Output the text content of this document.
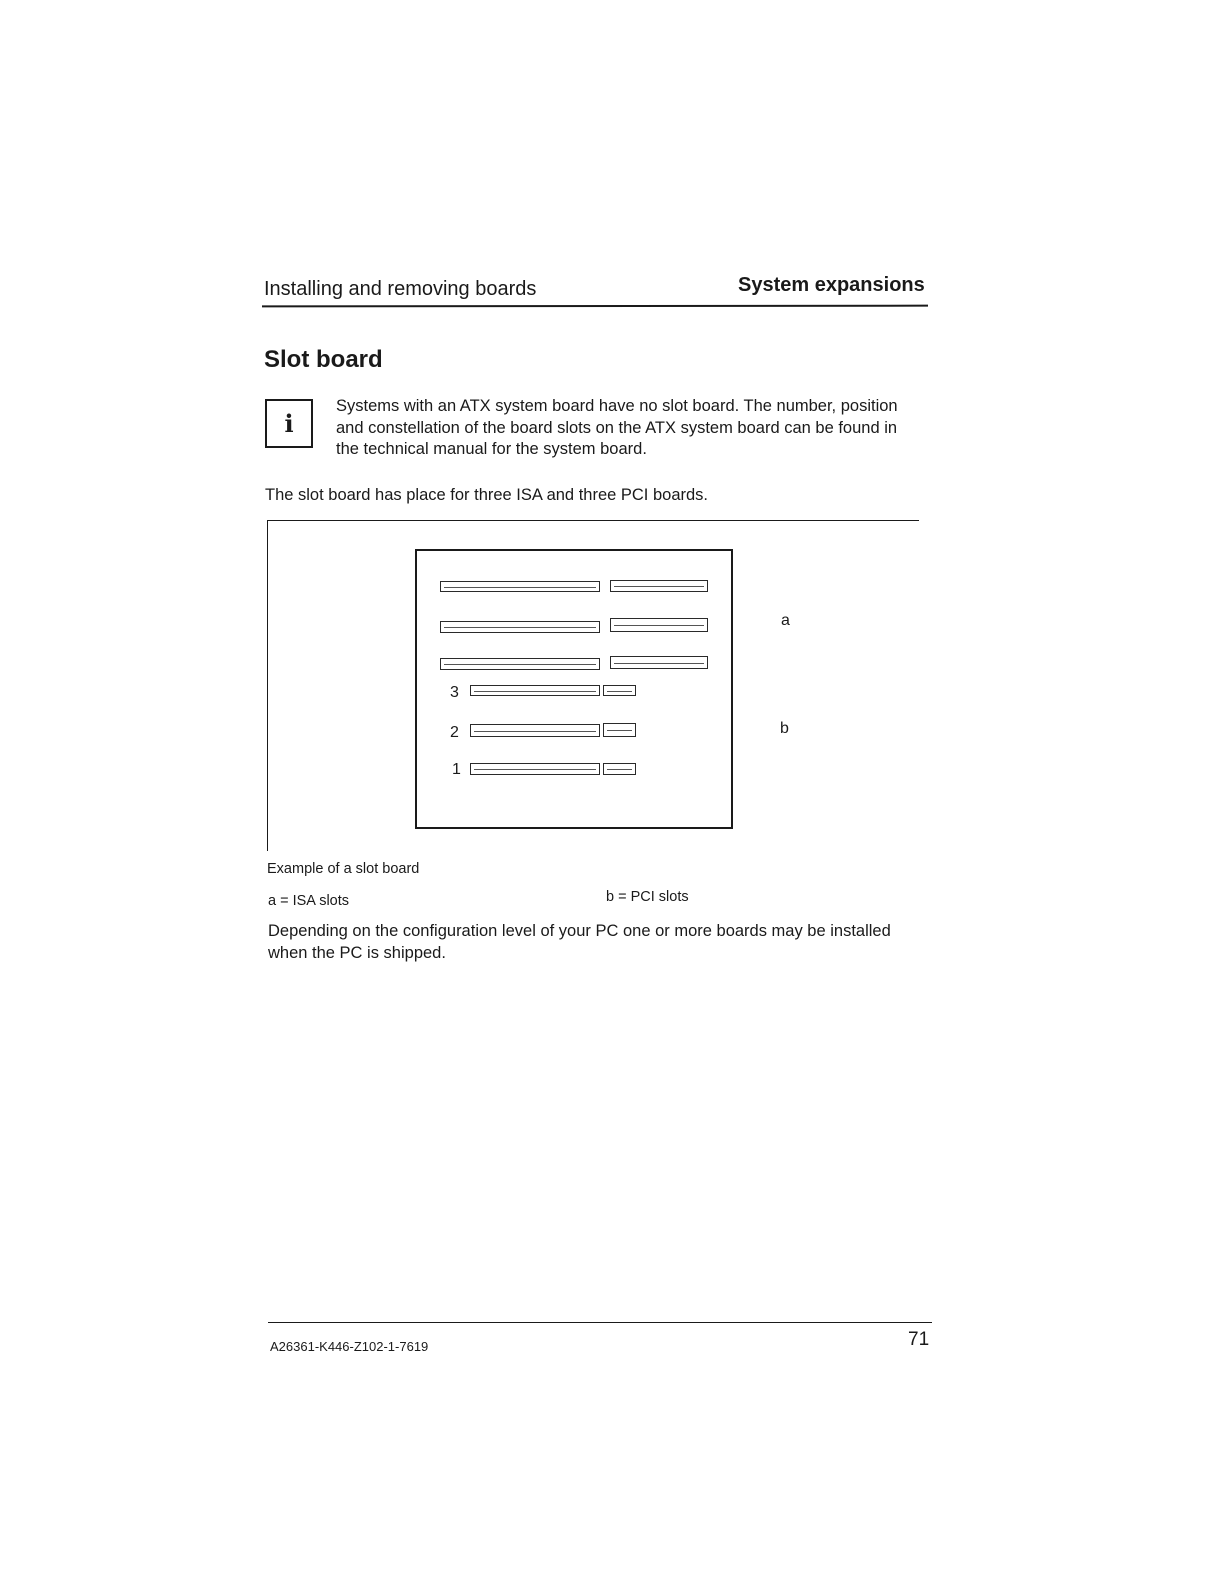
Installing and removing boards	System expansions
Slot board
i

Systems with an ATX system board have no slot board. The number, position and constellation of the board slots on the ATX system board can be found in the technical manual for the system board.

The slot board has place for three ISA and three PCI boards.

3
2
1
a
b
Example of a slot board
a = ISA slots	b = PCI slots

Depending on the configuration level of your PC one or more boards may be installed when the PC is shipped.

A26361-K446-Z102-1-7619	71
